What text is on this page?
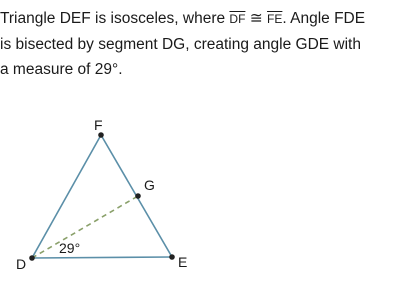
Triangle DEF is isosceles, where $\overline{DF}$ ≅ $\overline{FE}$. Angle FDE
is bisected by segment DG, creating angle GDE with
a measure of 29°.

F
G
D	E
29°
